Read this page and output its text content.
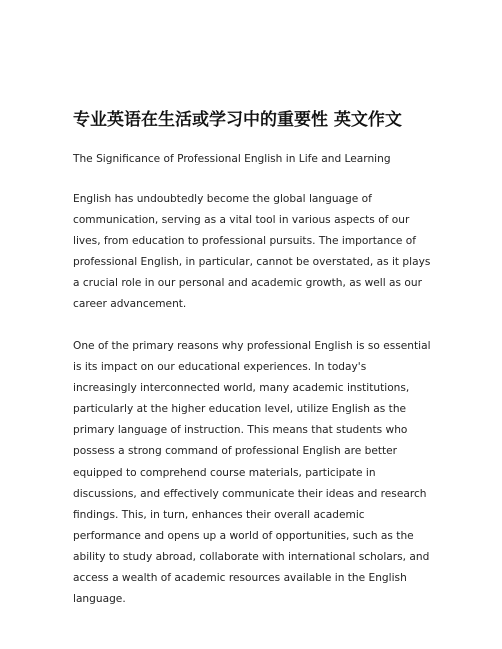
专业英语在生活或学习中的重要性 英文作文
The Significance of Professional English in Life and Learning

English has undoubtedly become the global language of communication, serving as a vital tool in various aspects of our lives, from education to professional pursuits. The importance of professional English, in particular, cannot be overstated, as it plays a crucial role in our personal and academic growth, as well as our career advancement.

One of the primary reasons why professional English is so essential is its impact on our educational experiences. In today's increasingly interconnected world, many academic institutions, particularly at the higher education level, utilize English as the primary language of instruction. This means that students who possess a strong command of professional English are better equipped to comprehend course materials, participate in discussions, and effectively communicate their ideas and research findings. This, in turn, enhances their overall academic performance and opens up a world of opportunities, such as the ability to study abroad, collaborate with international scholars, and access a wealth of academic resources available in the English language.
